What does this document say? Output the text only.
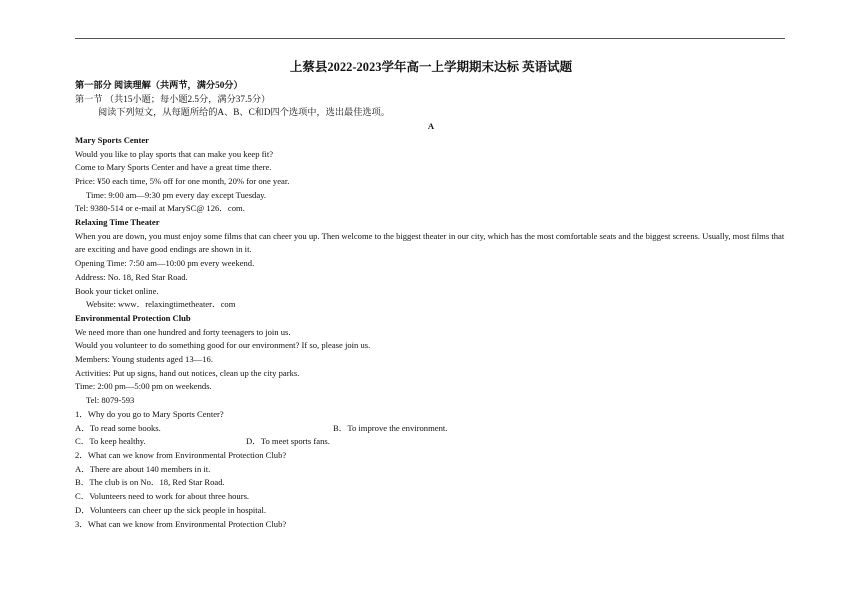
上蔡县2022-2023学年高一上学期期末达标 英语试题
第一部分 阅读理解（共两节，满分50分）
第一节 （共15小题；每小题2.5分，满分37.5分）
阅读下列短文，从每题所给的A、B、C和D四个选项中，选出最佳选项。
A
Mary Sports Center
Would you like to play sports that can make you keep fit?
Come to Mary Sports Center and have a great time there.
Price: ¥50 each time, 5% off for one month, 20% for one year.
Time: 9:00 am—9:30 pm every day except Tuesday.
Tel: 9380-514 or e-mail at MarySC@ 126．com.
Relaxing Time Theater
When you are down, you must enjoy some films that can cheer you up. Then welcome to the biggest theater in our city, which has the most comfortable seats and the biggest screens. Usually, most films that are exciting and have good endings are shown in it.
Opening Time: 7:50 am—10:00 pm every weekend.
Address: No. 18, Red Star Road.
Book your ticket online.
Website: www．relaxingtimetheater．com
Environmental Protection Club
We need more than one hundred and forty teenagers to join us.
Would you volunteer to do something good for our environment? If so, please join us.
Members: Young students aged 13—16.
Activities: Put up signs, hand out notices, clean up the city parks.
Time: 2:00 pm—5:00 pm on weekends.
Tel: 8079-593
1．Why do you go to Mary Sports Center?
A．To read some books.	B．To improve the environment.
C．To keep healthy.	D．To meet sports fans.
2．What can we know from Environmental Protection Club?
A．There are about 140 members in it.
B．The club is on No．18, Red Star Road.
C．Volunteers need to work for about three hours.
D．Volunteers can cheer up the sick people in hospital.
3．What can we know from Environmental Protection Club?
